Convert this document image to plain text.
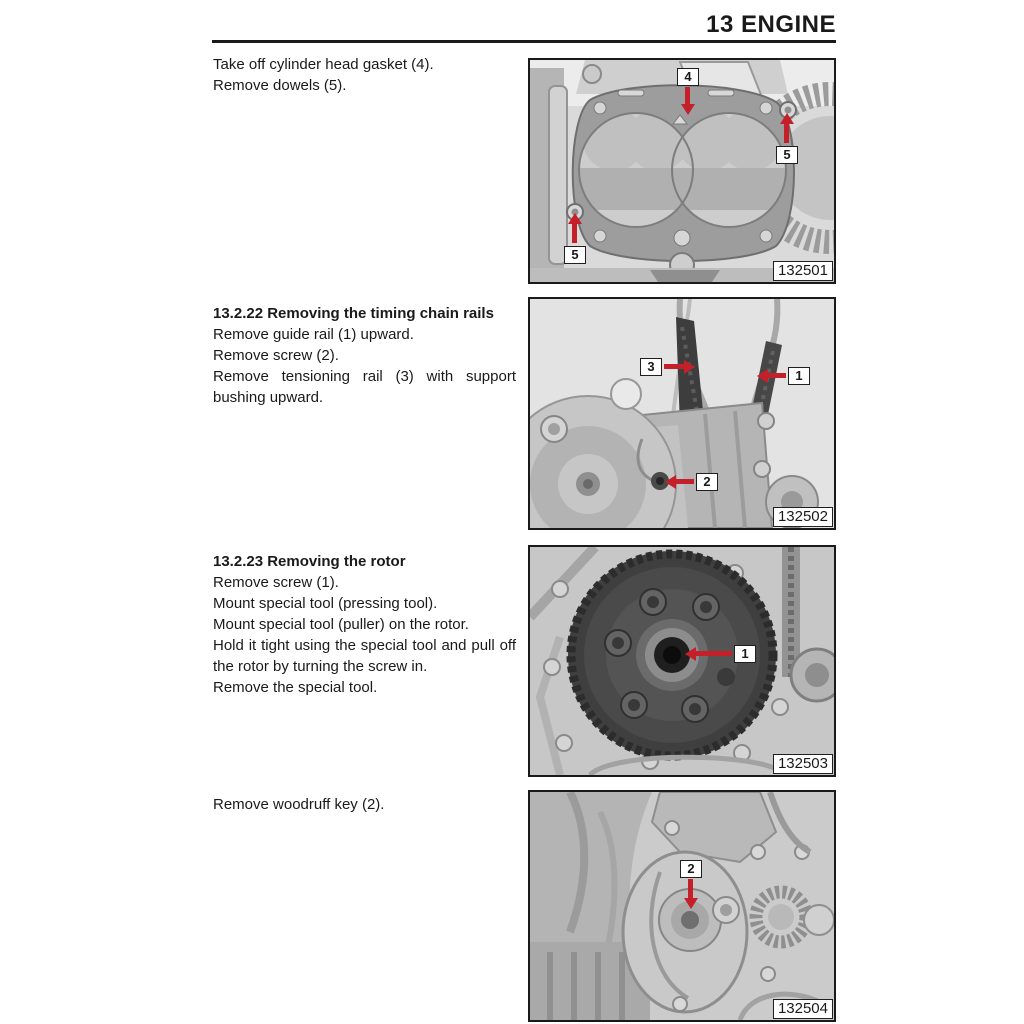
13 ENGINE

Take off cylinder head gasket (4).

Remove dowels (5).

4
5
5
132501
13.2.22 Removing the timing chain rails

Remove guide rail (1) upward.

Remove screw (2).

Remove tensioning rail (3) with support bushing upward.

3
1
2
132502
13.2.23 Removing the rotor

Remove screw (1).

Mount special tool (pressing tool).

Mount special tool (puller) on the rotor.

Hold it tight using the special tool and pull off the rotor by turning the screw in.

Remove the special tool.

1
132503

Remove woodruff key (2).

2
132504
